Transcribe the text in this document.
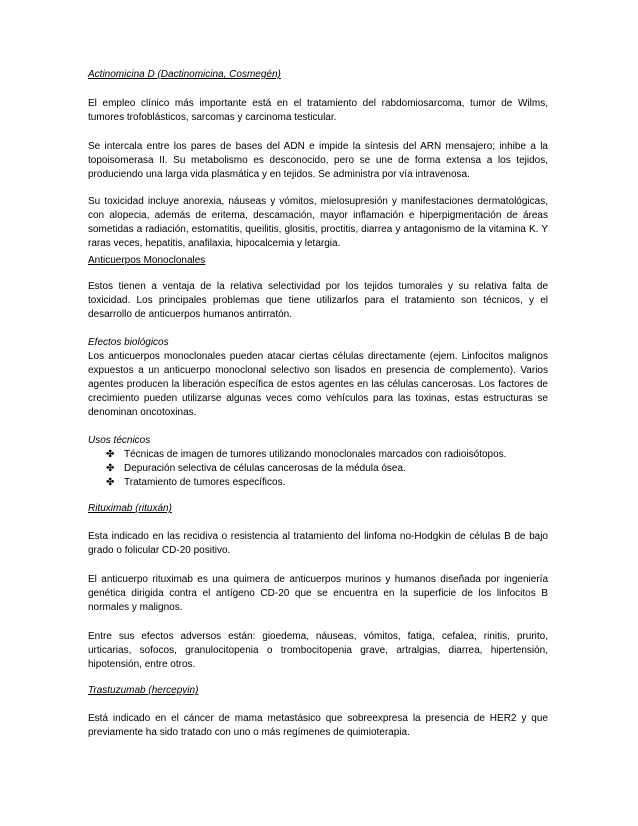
Actinomicina D (Dactinomicina, Cosmegén)

El empleo clínico más importante está en el tratamiento del rabdomiosarcoma, tumor de Wilms, tumores trofoblásticos, sarcomas y carcinoma testicular.

Se intercala entre los pares de bases del ADN e impide la síntesis del ARN mensajero; inhibe a la topoisomerasa II. Su metabolismo es desconocido, pero se une de forma extensa a los tejidos, produciendo una larga vida plasmática y en tejidos. Se administra por vía intravenosa.

Su toxicidad incluye anorexia, náuseas y vómitos, mielosupresión y manifestaciones dermatológicas, con alopecia, además de eritema, descamación, mayor inflamación e hiperpigmentación de áreas sometidas a radiación, estomatitis, queilitis, glositis, proctitis, diarrea y antagonismo de la vitamina K. Y raras veces, hepatitis, anafilaxia, hipocalcemia y letargia.

Anticuerpos Monoclonales

Estos tienen a ventaja de la relativa selectividad por los tejidos tumorales y su relativa falta de toxicidad. Los principales problemas que tiene utilizarlos para el tratamiento son técnicos, y el desarrollo de anticuerpos humanos antirratón.

Efectos biológicos

Los anticuerpos monoclonales pueden atacar ciertas células directamente (ejem. Linfocitos malignos expuestos a un anticuerpo monoclonal selectivo son lisados en presencia de complemento). Varios agentes producen la liberación específica de estos agentes en las células cancerosas. Los factores de crecimiento pueden utilizarse algunas veces como vehículos para las toxinas, estas estructuras se denominan oncotoxinas.

Usos técnicos

✤ Técnicas de imagen de tumores utilizando monoclonales marcados con radioisótopos.
✤ Depuración selectiva de células cancerosas de la médula ósea.
✤ Tratamiento de tumores específicos.

Rituximab (rituxán)

Esta indicado en las recidiva o resistencia al tratamiento del linfoma no-Hodgkin de células B de bajo grado o folicular CD-20 positivo.

El anticuerpo rituximab es una quimera de anticuerpos murinos y humanos diseñada por ingeniería genética dirigida contra el antígeno CD-20 que se encuentra en la superficie de los linfocitos B normales y malignos.

Entre sus efectos adversos están: gioedema, náuseas, vómitos, fatiga, cefalea, rinitis, prurito, urticarias, sofocos, granulocitopenia o trombocitopenia grave, artralgias, diarrea, hipertensión, hipotensión, entre otros.

Trastuzumab (hercepyin)

Está indicado en el cáncer de mama metastásico que sobreexpresa la presencia de HER2 y que previamente ha sido tratado con uno o más regímenes de quimioterapia.
